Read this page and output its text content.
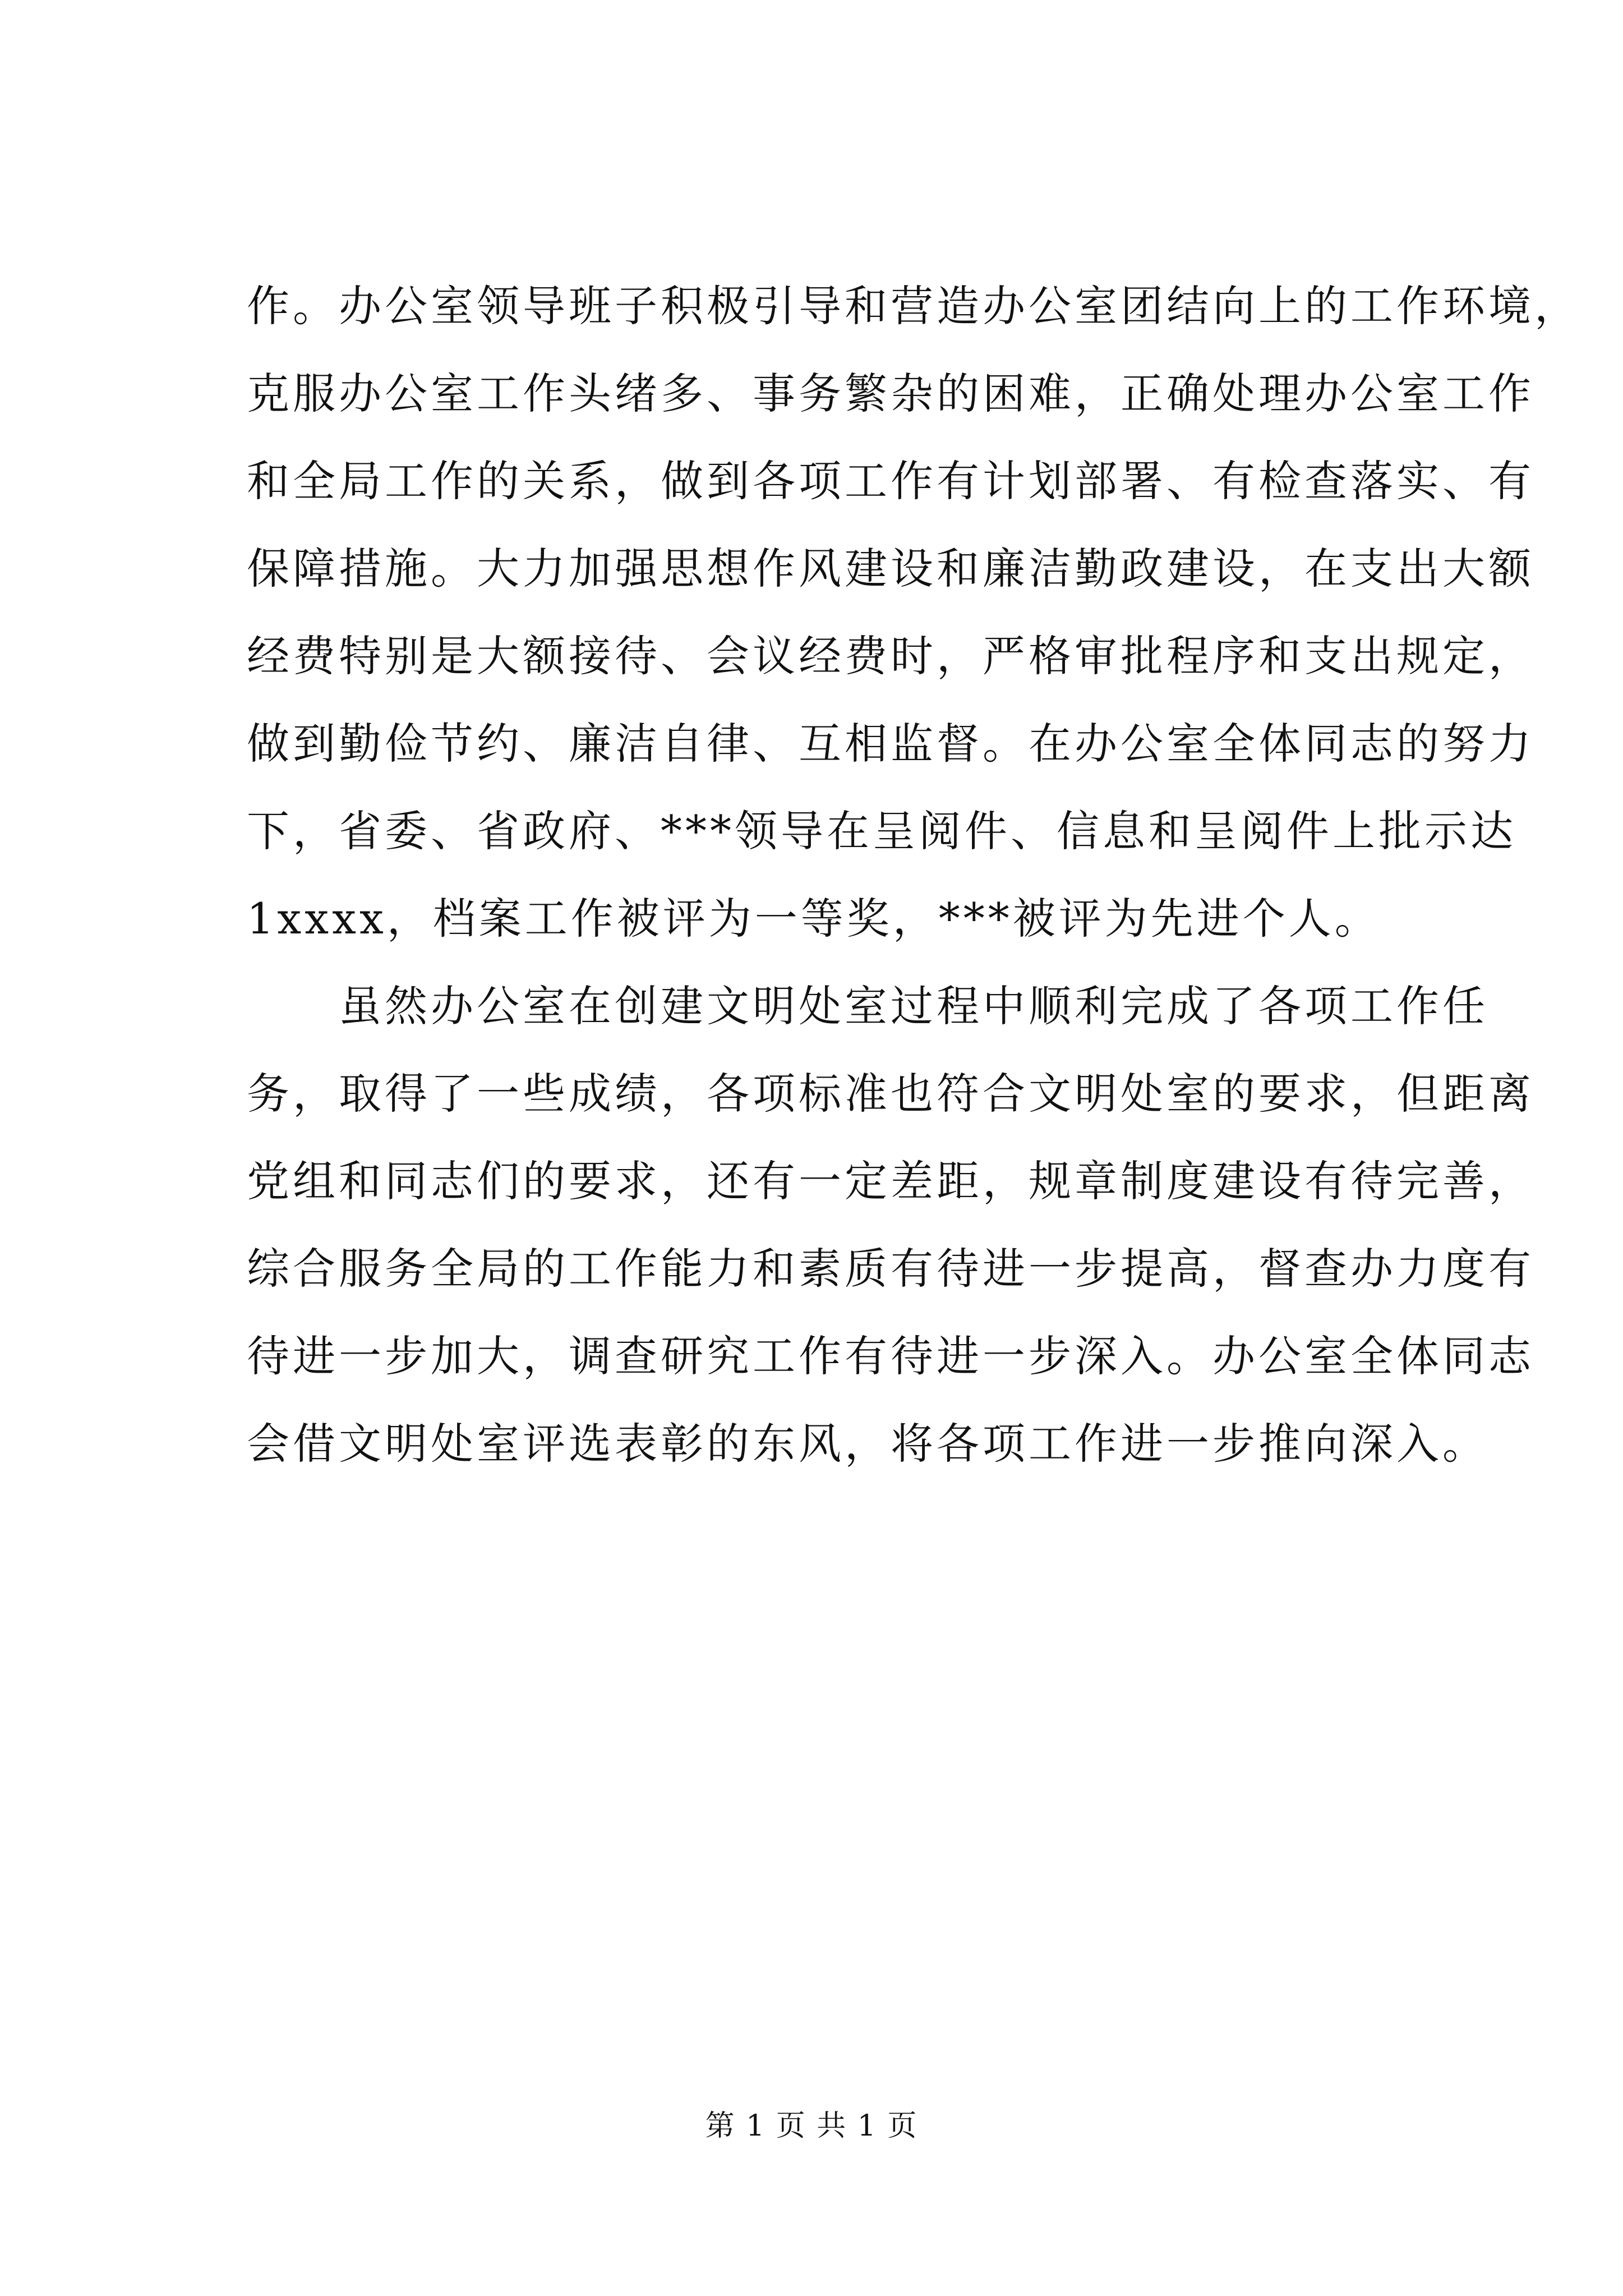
作。办公室领导班子积极引导和营造办公室团结向上的工作环境，
克服办公室工作头绪多、事务繁杂的困难，正确处理办公室工作
和全局工作的关系，做到各项工作有计划部署、有检查落实、有
保障措施。大力加强思想作风建设和廉洁勤政建设，在支出大额
经费特别是大额接待、会议经费时，严格审批程序和支出规定，
做到勤俭节约、廉洁自律、互相监督。在办公室全体同志的努力
下，省委、省政府、***领导在呈阅件、信息和呈阅件上批示达
1xxxx，档案工作被评为一等奖，***被评为先进个人。
　　虽然办公室在创建文明处室过程中顺利完成了各项工作任
务，取得了一些成绩，各项标准也符合文明处室的要求，但距离
党组和同志们的要求，还有一定差距，规章制度建设有待完善，
综合服务全局的工作能力和素质有待进一步提高，督查办力度有
待进一步加大，调查研究工作有待进一步深入。办公室全体同志
会借文明处室评选表彰的东风，将各项工作进一步推向深入。
第 1 页 共 1 页
